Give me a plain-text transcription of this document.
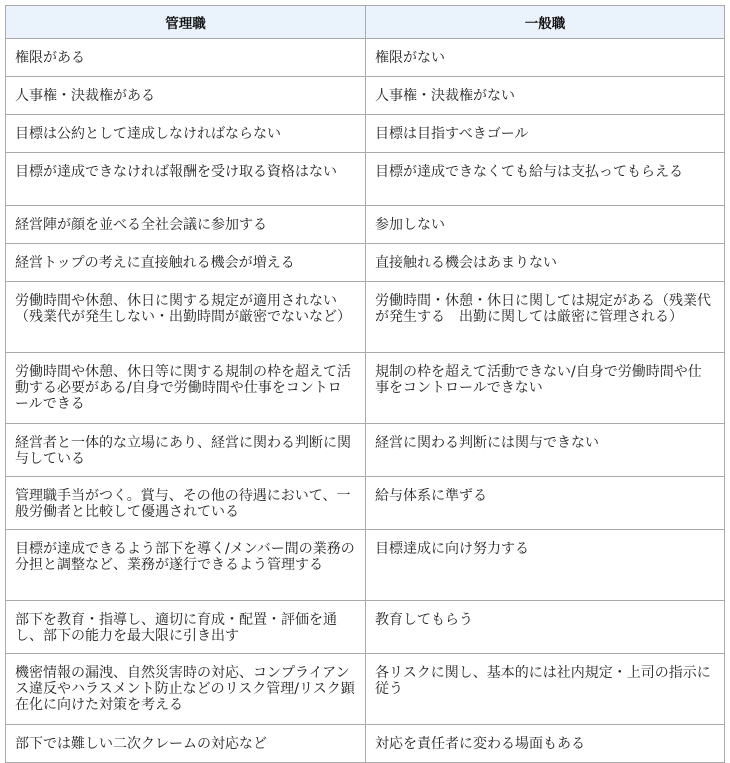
管理職	一般職
権限がある	権限がない
人事権・決裁権がある	人事権・決裁権がない
目標は公約として達成しなければならない	目標は目指すべきゴール
目標が達成できなければ報酬を受け取る資格はない	目標が達成できなくても給与は支払ってもらえる
経営陣が顔を並べる全社会議に参加する	参加しない
経営トップの考えに直接触れる機会が増える	直接触れる機会はあまりない
労働時間や休憩、休日に関する規定が適用されない（残業代が発生しない・出勤時間が厳密でないなど）	労働時間・休憩・休日に関しては規定がある（残業代が発生する　出勤に関しては厳密に管理される）
労働時間や休憩、休日等に関する規制の枠を超えて活動する必要がある/自身で労働時間や仕事をコントロールできる	規制の枠を超えて活動できない/自身で労働時間や仕事をコントロールできない
経営者と一体的な立場にあり、経営に関わる判断に関与している	経営に関わる判断には関与できない
管理職手当がつく。賞与、その他の待遇において、一般労働者と比較して優遇されている	給与体系に準ずる
目標が達成できるよう部下を導く/メンバー間の業務の分担と調整など、業務が遂行できるよう管理する	目標達成に向け努力する
部下を教育・指導し、適切に育成・配置・評価を通し、部下の能力を最大限に引き出す	教育してもらう
機密情報の漏洩、自然災害時の対応、コンプライアンス違反やハラスメント防止などのリスク管理/リスク顕在化に向けた対策を考える	各リスクに関し、基本的には社内規定・上司の指示に従う
部下では難しい二次クレームの対応など	対応を責任者に変わる場面もある
